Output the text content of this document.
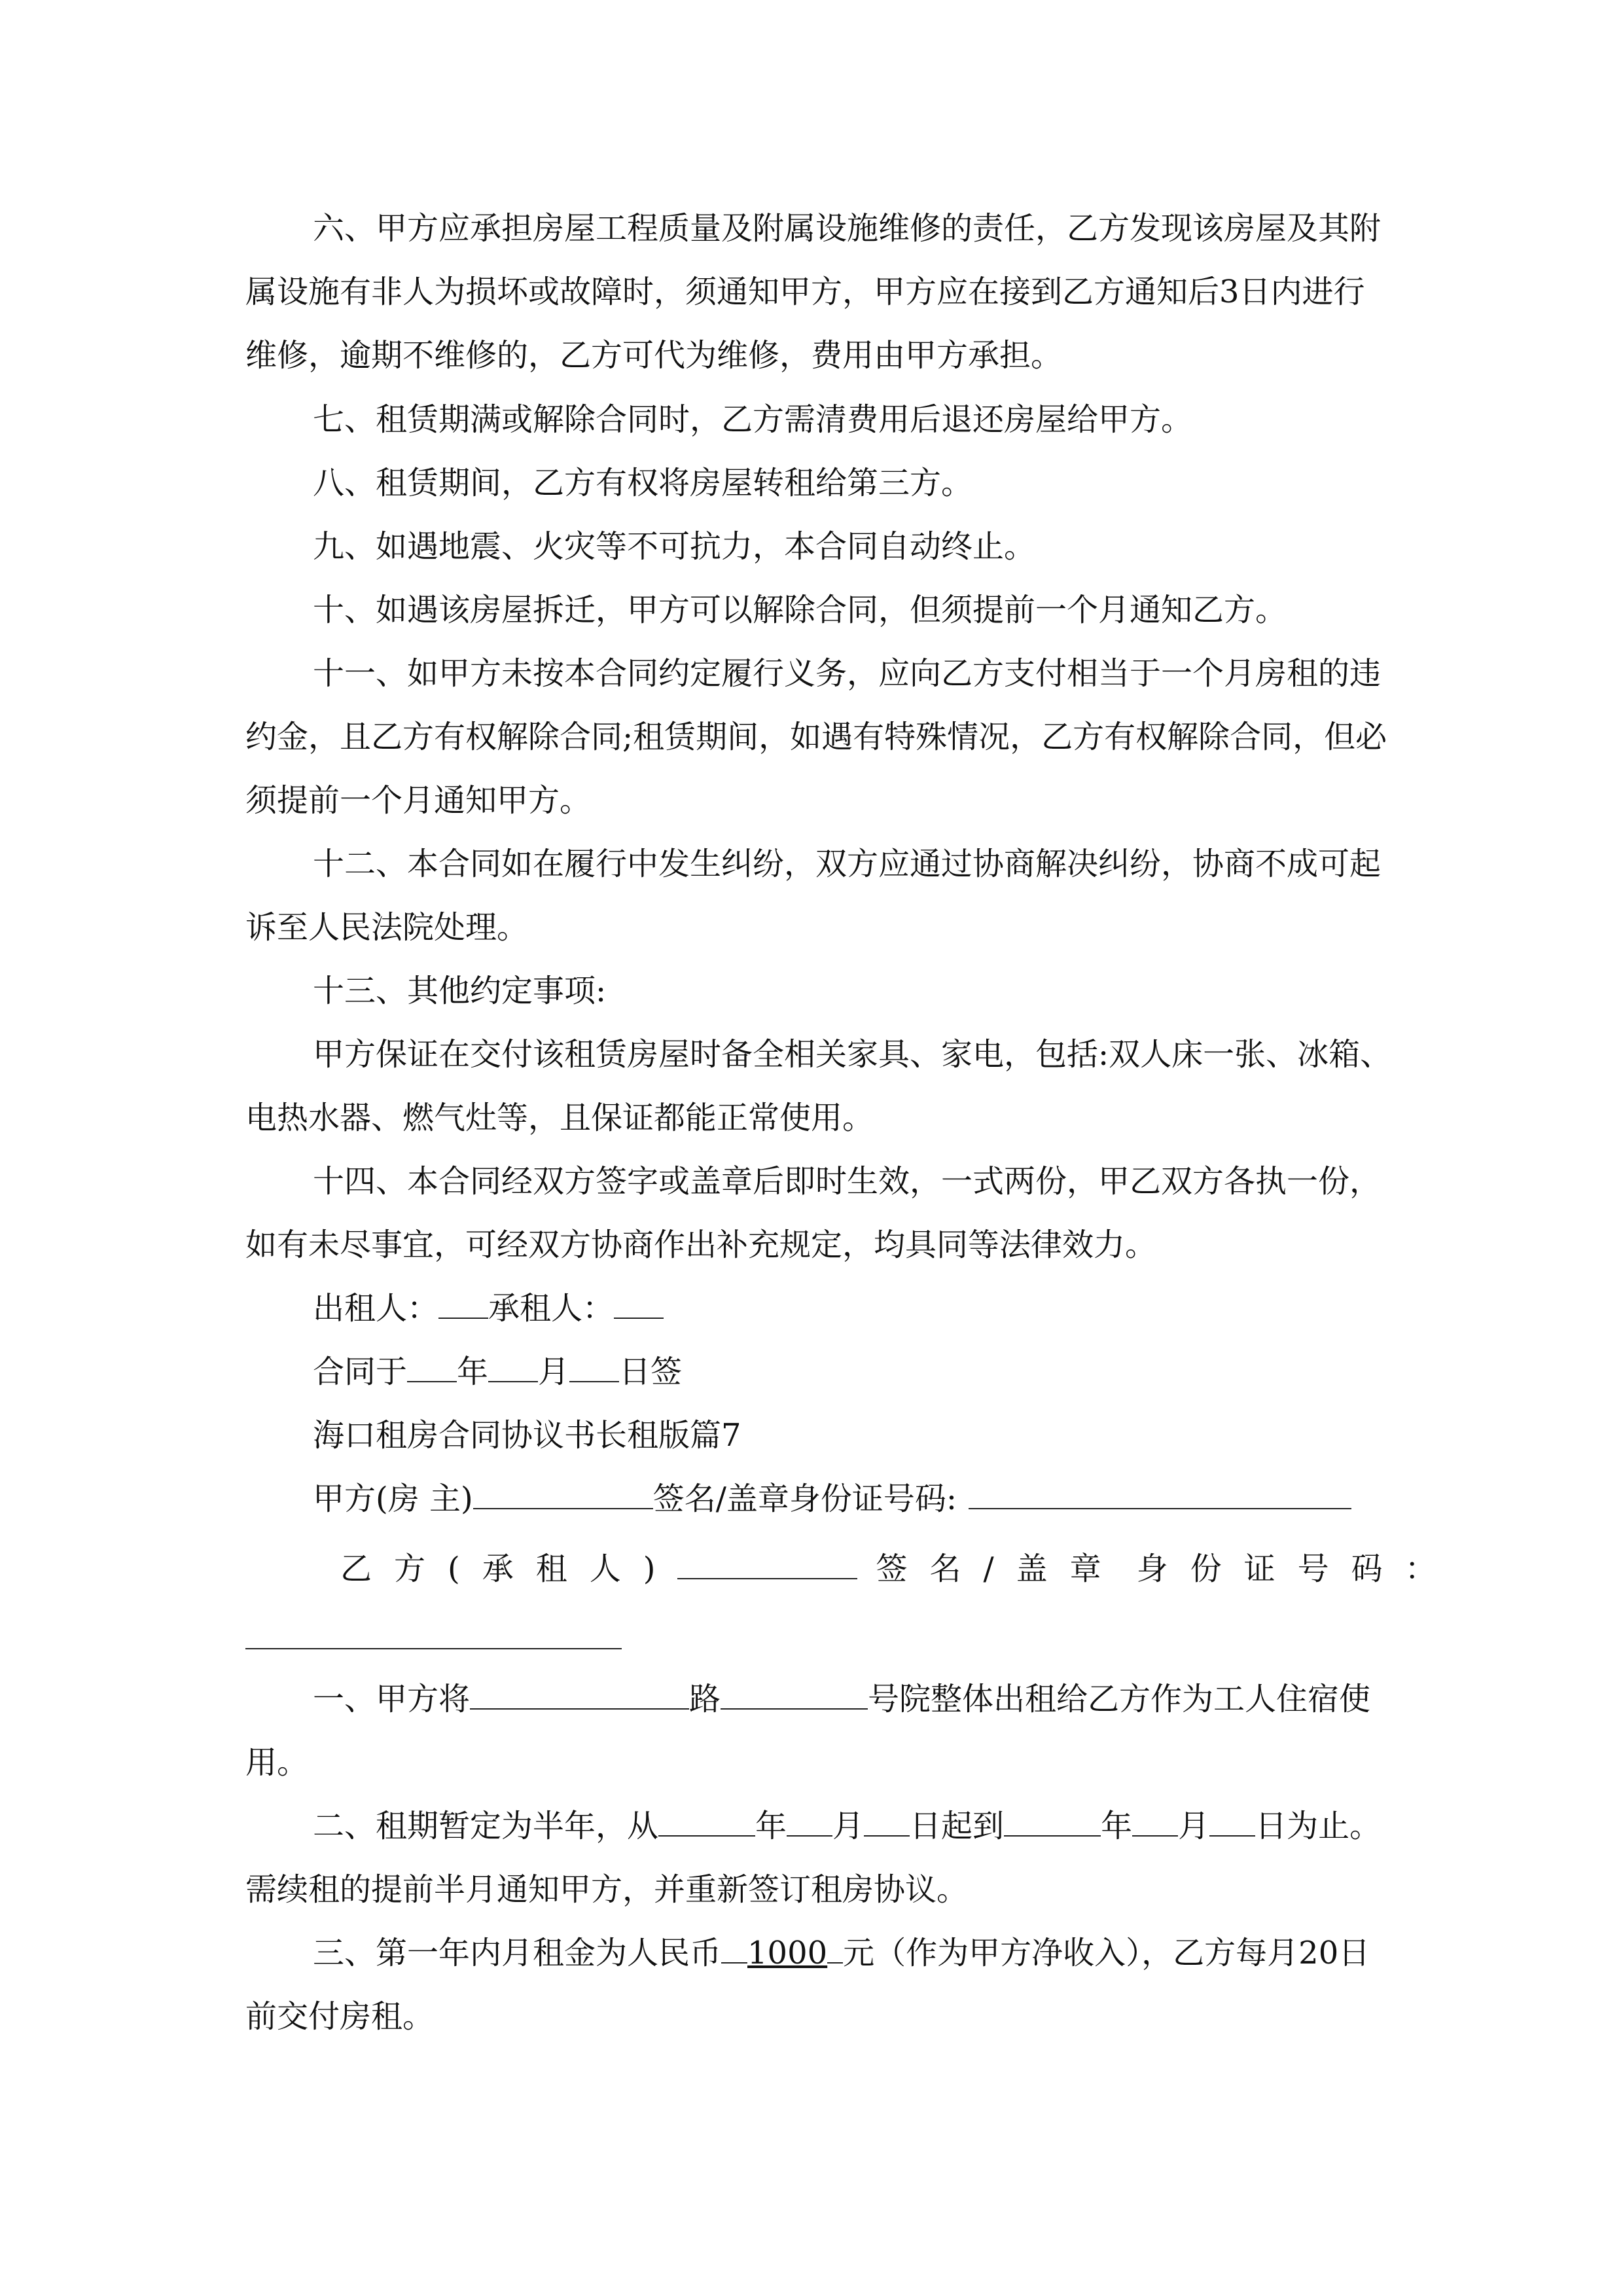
六、甲方应承担房屋工程质量及附属设施维修的责任，乙方发现该房屋及其附属设施有非人为损坏或故障时，须通知甲方，甲方应在接到乙方通知后3日内进行维修，逾期不维修的，乙方可代为维修，费用由甲方承担。

七、租赁期满或解除合同时，乙方需清费用后退还房屋给甲方。

八、租赁期间，乙方有权将房屋转租给第三方。

九、如遇地震、火灾等不可抗力，本合同自动终止。

十、如遇该房屋拆迁，甲方可以解除合同，但须提前一个月通知乙方。

十一、如甲方未按本合同约定履行义务，应向乙方支付相当于一个月房租的违约金，且乙方有权解除合同;租赁期间，如遇有特殊情况，乙方有权解除合同，但必须提前一个月通知甲方。

十二、本合同如在履行中发生纠纷，双方应通过协商解决纠纷，协商不成可起诉至人民法院处理。

十三、其他约定事项:

甲方保证在交付该租赁房屋时备全相关家具、家电，包括:双人床一张、冰箱、电热水器、燃气灶等，且保证都能正常使用。

十四、本合同经双方签字或盖章后即时生效，一式两份，甲乙双方各执一份，如有未尽事宜，可经双方协商作出补充规定，均具同等法律效力。

出租人： 承租人：

合同于 年 月 日签

海口租房合同协议书长租版篇7

甲方(房 主)	签名/盖章身份证号码:

乙方(承租人)	签名/盖章 身份证号码：

一、甲方将	路	号院整体出租给乙方作为工人住宿使用。

二、租期暂定为半年，从	年 月 日起到	年 月 日为止。需续租的提前半月通知甲方，并重新签订租房协议。

三、第一年内月租金为人民币 1000 元（作为甲方净收入），乙方每月20日前交付房租。
